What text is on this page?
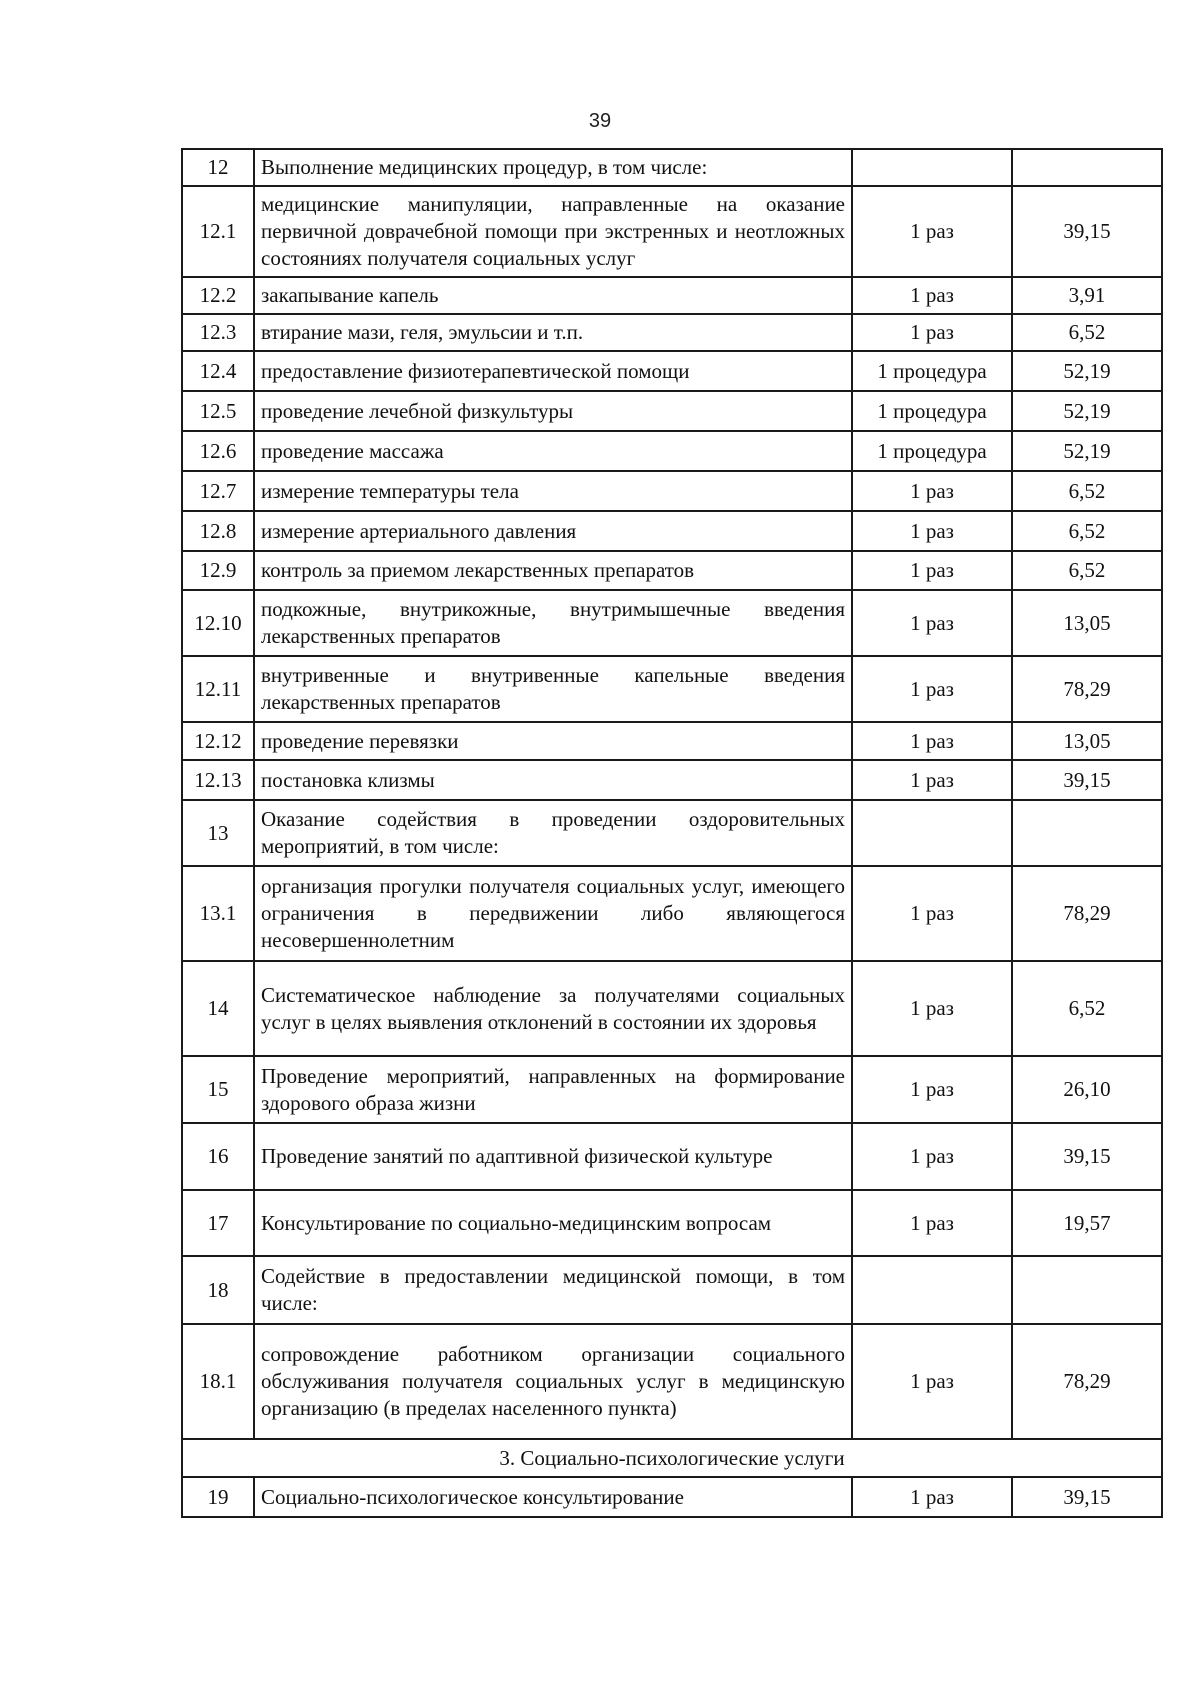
39
12	Выполнение медицинских процедур, в том числе:		
12.1	медицинские манипуляции, направленные на оказание первичной доврачебной помощи при экстренных и неотложных состояниях получателя социальных услуг	1 раз	39,15
12.2	закапывание капель	1 раз	3,91
12.3	втирание мази, геля, эмульсии и т.п.	1 раз	6,52
12.4	предоставление физиотерапевтической помощи	1 процедура	52,19
12.5	проведение лечебной физкультуры	1 процедура	52,19
12.6	проведение массажа	1 процедура	52,19
12.7	измерение температуры тела	1 раз	6,52
12.8	измерение артериального давления	1 раз	6,52
12.9	контроль за приемом лекарственных препаратов	1 раз	6,52
12.10	подкожные, внутрикожные, внутримышечные введения лекарственных препаратов	1 раз	13,05
12.11	внутривенные и внутривенные капельные введения лекарственных препаратов	1 раз	78,29
12.12	проведение перевязки	1 раз	13,05
12.13	постановка клизмы	1 раз	39,15
13	Оказание содействия в проведении оздоровительных мероприятий, в том числе:		
13.1	организация прогулки получателя социальных услуг, имеющего ограничения в передвижении либо являющегося несовершеннолетним	1 раз	78,29
14	Систематическое наблюдение за получателями социальных услуг в целях выявления отклонений в состоянии их здоровья	1 раз	6,52
15	Проведение мероприятий, направленных на формирование здорового образа жизни	1 раз	26,10
16	Проведение занятий по адаптивной физической культуре	1 раз	39,15
17	Консультирование по социально-медицинским вопросам	1 раз	19,57
18	Содействие в предоставлении медицинской помощи, в том числе:		
18.1	сопровождение работником организации социального обслуживания получателя социальных услуг в медицинскую организацию (в пределах населенного пункта)	1 раз	78,29
3. Социально-психологические услуги			
19	Социально-психологическое консультирование	1 раз	39,15
